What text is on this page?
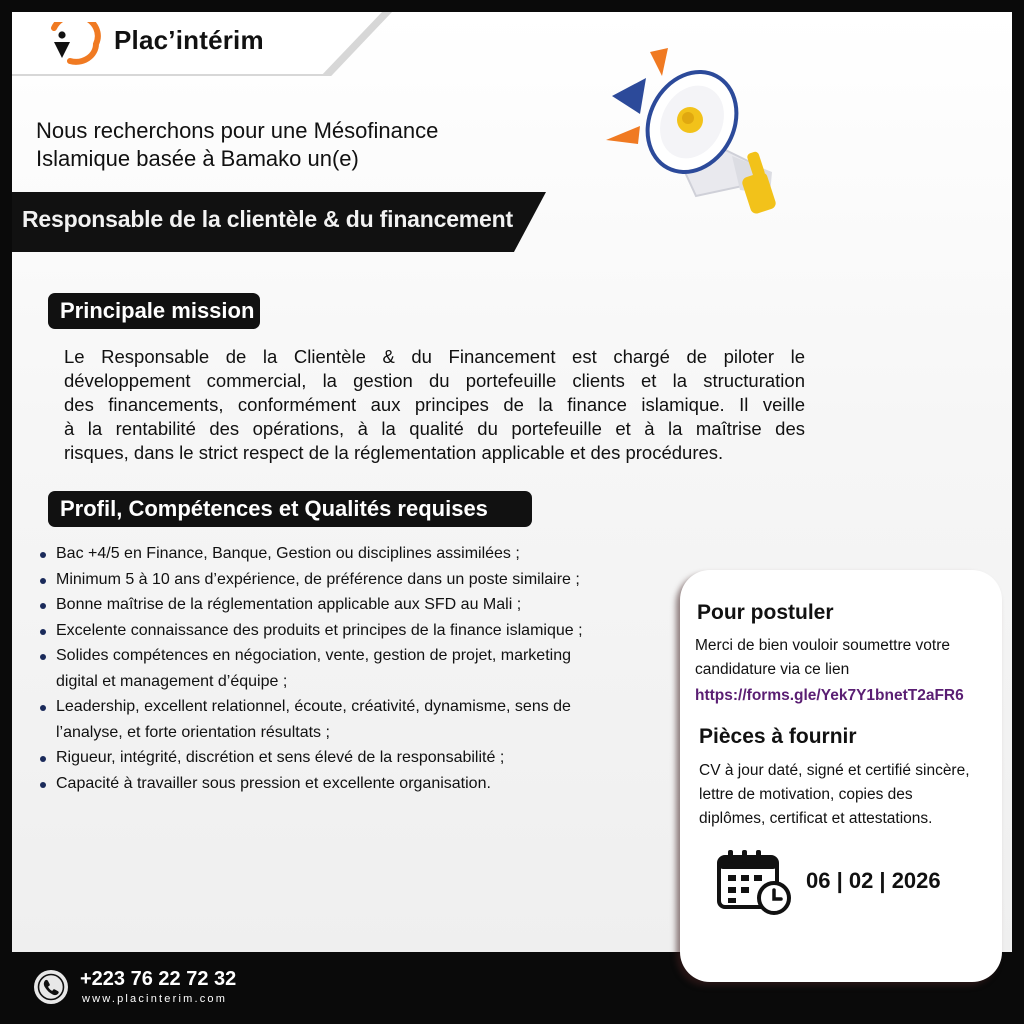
Plac’intérim
Nous recherchons pour une Mésofinance
Islamique basée à Bamako un(e)
Responsable de la clientèle & du financement
Principale mission
Le Responsable de la Clientèle & du Financement est chargé de piloter le
développement commercial, la gestion du portefeuille clients et la structuration
des financements, conformément aux principes de la finance islamique. Il veille
à la rentabilité des opérations, à la qualité du portefeuille et à la maîtrise des
risques, dans le strict respect de la réglementation applicable et des procédures.
Profil, Compétences et Qualités requises
Bac +4/5 en Finance, Banque, Gestion ou disciplines assimilées ;
Minimum 5 à 10 ans d’expérience, de préférence dans un poste similaire ;
Bonne maîtrise de la réglementation applicable aux SFD au Mali ;
Excelente connaissance des produits et principes de la finance islamique ;
Solides compétences en négociation, vente, gestion de projet, marketing
digital et management d’équipe ;
Leadership, excellent relationnel, écoute, créativité, dynamisme, sens de
l’analyse, et forte orientation résultats ;
Rigueur, intégrité, discrétion et sens élevé de la responsabilité ;
Capacité à travailler sous pression et excellente organisation.
+223 76 22 72 32
www.placinterim.com
Pour postuler
Merci de bien vouloir soumettre votre
candidature via ce lien
https://forms.gle/Yek7Y1bnetT2aFR6
Pièces à fournir
CV à jour daté, signé et certifié sincère,
lettre de motivation, copies des
diplômes, certificat et attestations.
06 | 02 | 2026
